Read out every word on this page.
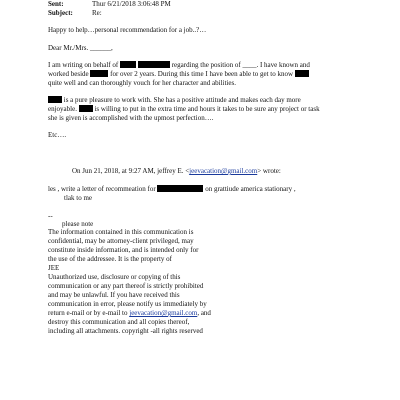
Sent:	Thur 6/21/2018 3:06:48 PM
Subject:	Re:

Happy to help…personal recommendation for a job..?…

Dear Mr./Mrs. ______,

I am writing on behalf of	regarding the position of ____. I have known and

worked beside	for over 2 years. During this time I have been able to get to know

quite well and can thoroughly vouch for her character and abilities.

is a pure pleasure to work with. She has a positive attitude and makes each day more

enjoyable.	is willing to put in the extra time and hours it takes to be sure any project or task

she is given is accomplished with the upmost perfection….

Etc….

On Jun 21, 2018, at 9:27 AM, jeffrey E. <jeevacation@gmail.com> wrote:

les , write a letter of recommeation for	on grattiude america stationary ,

tlak to me

--

please note

The information contained in this communication is

confidential, may be attorney-client privileged, may

constitute inside information, and is intended only for

the use of the addressee. It is the property of

JEE

Unauthorized use, disclosure or copying of this

communication or any part thereof is strictly prohibited

and may be unlawful. If you have received this

communication in error, please notify us immediately by

return e-mail or by e-mail to jeevacation@gmail.com, and

destroy this communication and all copies thereof,

including all attachments. copyright -all rights reserved
